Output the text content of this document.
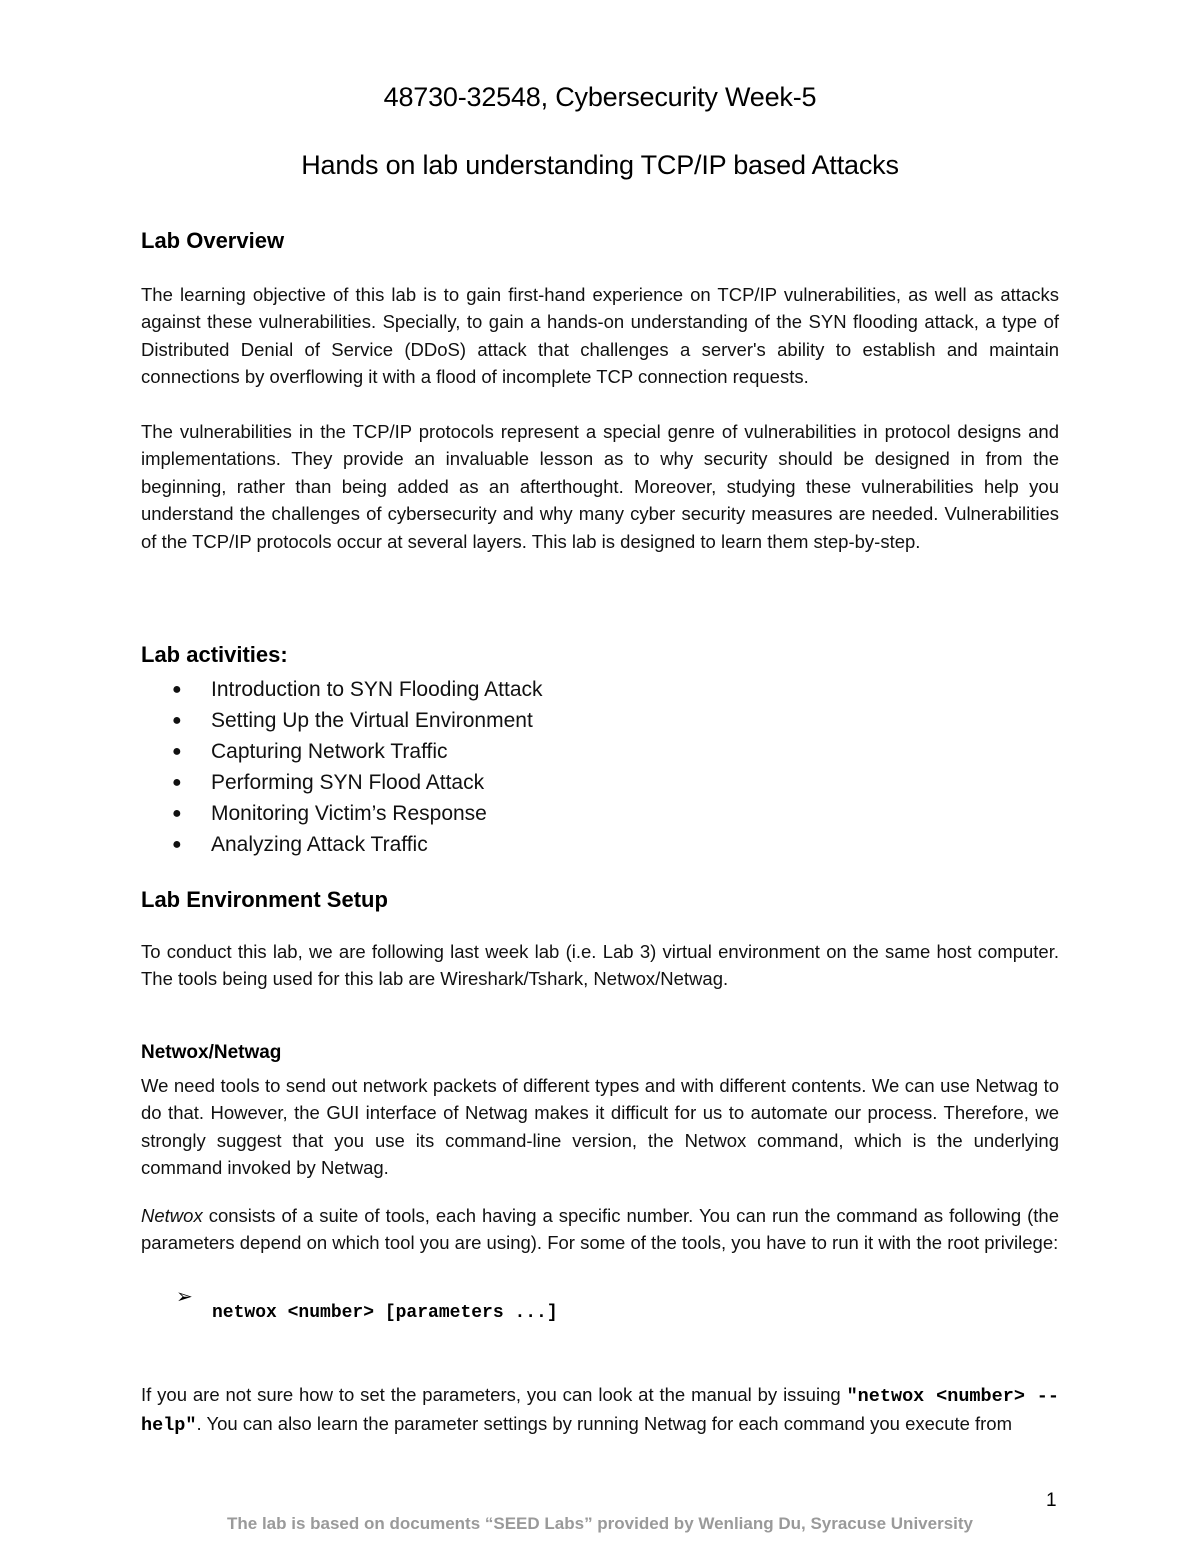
48730-32548, Cybersecurity Week-5
Hands on lab understanding TCP/IP based Attacks
Lab Overview

The learning objective of this lab is to gain first-hand experience on TCP/IP vulnerabilities, as well as attacks against these vulnerabilities. Specially, to gain a hands-on understanding of the SYN flooding attack, a type of Distributed Denial of Service (DDoS) attack that challenges a server's ability to establish and maintain connections by overflowing it with a flood of incomplete TCP connection requests.

The vulnerabilities in the TCP/IP protocols represent a special genre of vulnerabilities in protocol designs and implementations. They provide an invaluable lesson as to why security should be designed in from the beginning, rather than being added as an afterthought. Moreover, studying these vulnerabilities help you understand the challenges of cybersecurity and why many cyber security measures are needed. Vulnerabilities of the TCP/IP protocols occur at several layers. This lab is designed to learn them step-by-step.

Lab activities:
● Introduction to SYN Flooding Attack
● Setting Up the Virtual Environment
● Capturing Network Traffic
● Performing SYN Flood Attack
● Monitoring Victim’s Response
● Analyzing Attack Traffic
Lab Environment Setup

To conduct this lab, we are following last week lab (i.e. Lab 3) virtual environment on the same host computer. The tools being used for this lab are Wireshark/Tshark, Netwox/Netwag.

Netwox/Netwag

We need tools to send out network packets of different types and with different contents. We can use Netwag to do that. However, the GUI interface of Netwag makes it difficult for us to automate our process. Therefore, we strongly suggest that you use its command-line version, the Netwox command, which is the underlying command invoked by Netwag.

Netwox consists of a suite of tools, each having a specific number. You can run the command as following (the parameters depend on which tool you are using). For some of the tools, you have to run it with the root privilege:

➢
netwox <number> [parameters ...]

If you are not sure how to set the parameters, you can look at the manual by issuing "netwox <number> --help". You can also learn the parameter settings by running Netwag for each command you execute from

1
The lab is based on documents “SEED Labs” provided by Wenliang Du, Syracuse University
